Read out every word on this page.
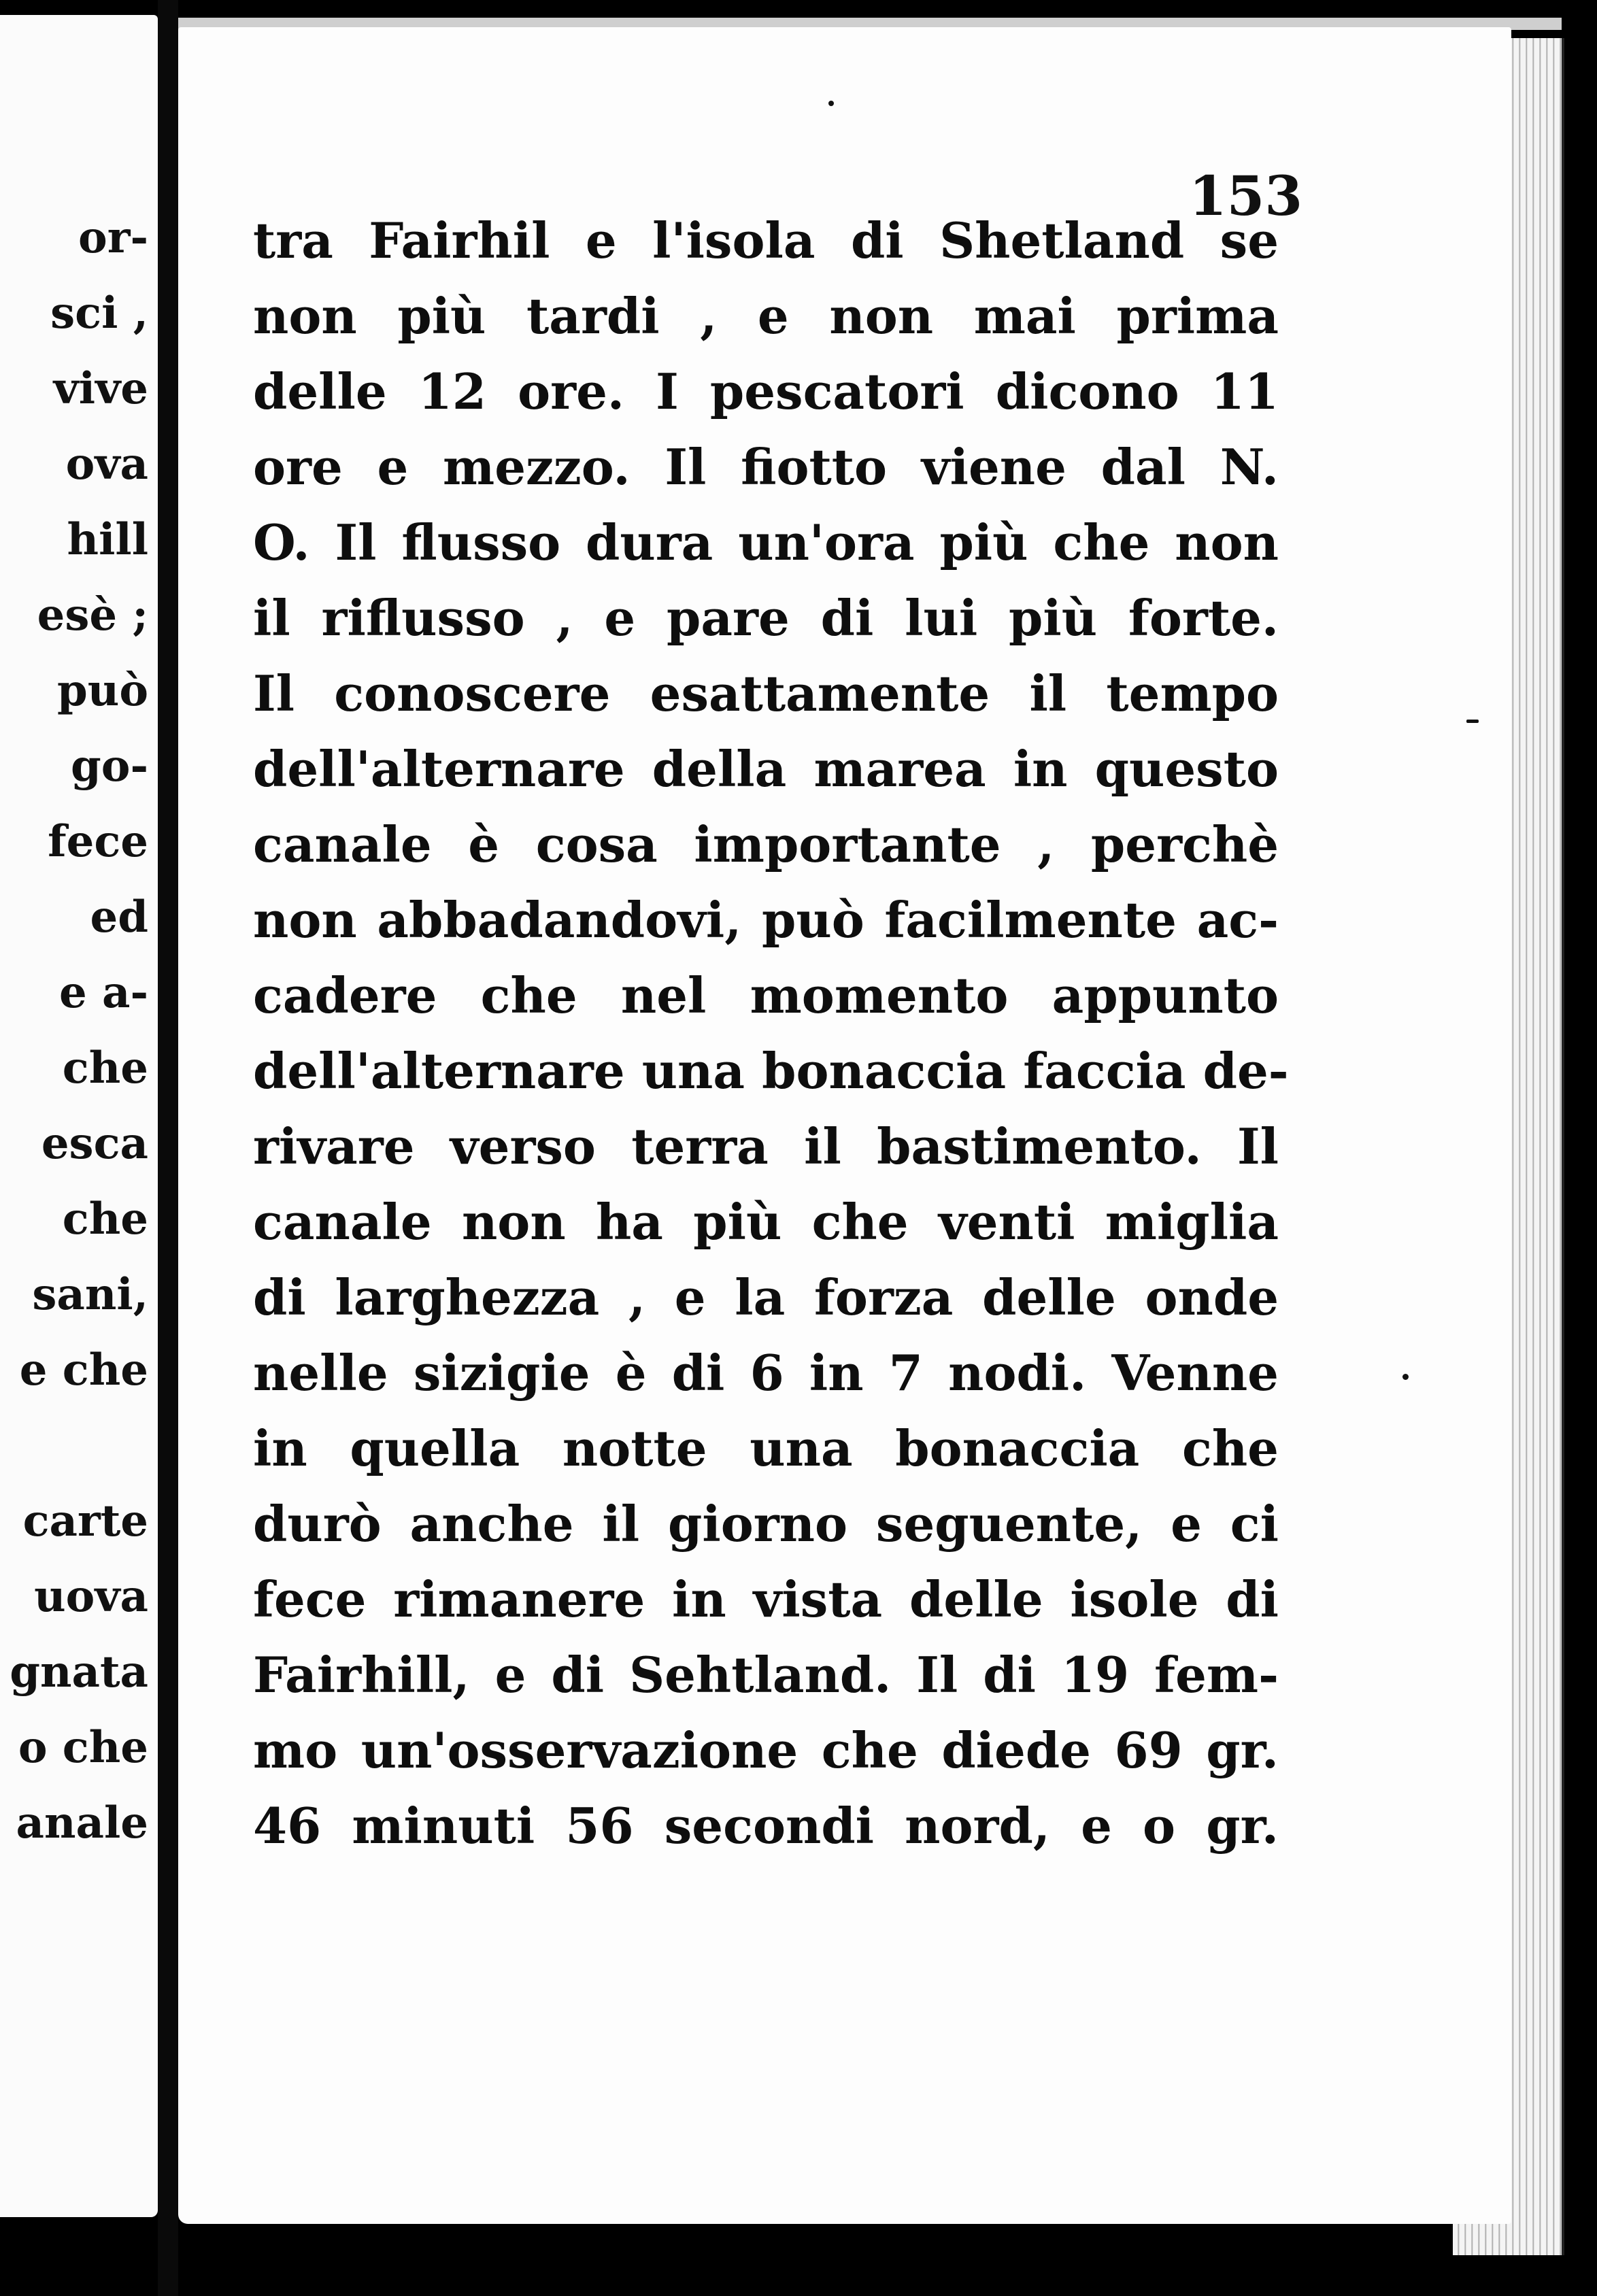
or-
sci ,
vive
ova
hill
esè ;
può
go-
fece
ed
e a-
che
esca
che
sani,
e che
carte
uova
gnata
o che
anale
153
tra Fairhil e l'isola di Shetland se
non più tardi , e non mai prima
delle 12 ore. I pescatori dicono 11
ore e mezzo. Il fiotto viene dal N.
O. Il flusso dura un'ora più che non
il riflusso , e pare di lui più forte.
Il conoscere esattamente il tempo
dell'alternare della marea in questo
canale è cosa importante , perchè
non abbadandovi, può facilmente ac-
cadere che nel momento appunto
dell'alternare una bonaccia faccia de-
rivare verso terra il bastimento. Il
canale non ha più che venti miglia
di larghezza , e la forza delle onde
nelle sizigie è di 6 in 7 nodi. Venne
in quella notte una bonaccia che
durò anche il giorno seguente, e ci
fece rimanere in vista delle isole di
Fairhill, e di Sehtland. Il di 19 fem-
mo un'osservazione che diede 69 gr.
46 minuti 56 secondi nord, e o gr.
